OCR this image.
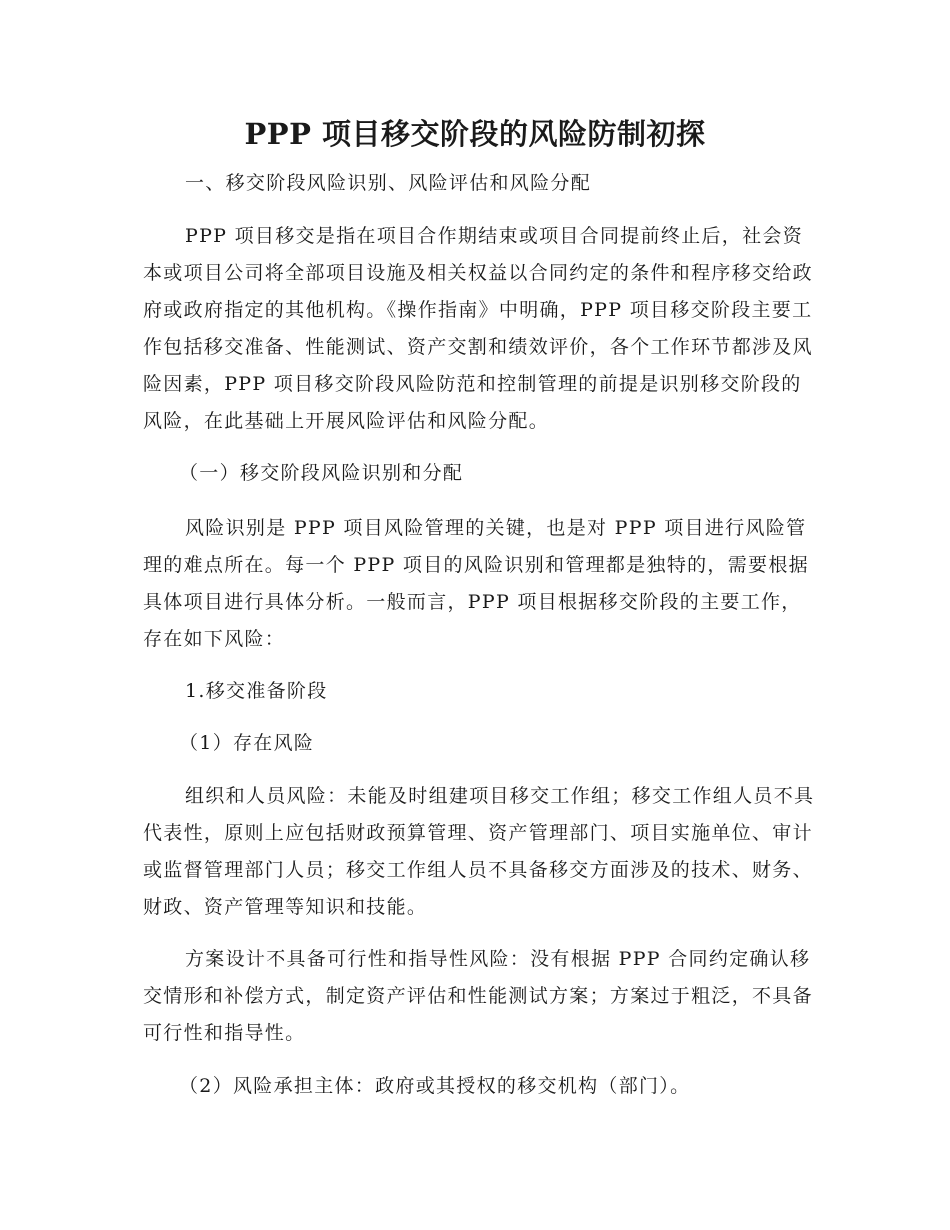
PPP 项目移交阶段的风险防制初探

一、移交阶段风险识别、风险评估和风险分配

PPP 项目移交是指在项目合作期结束或项目合同提前终止后，社会资本或项目公司将全部项目设施及相关权益以合同约定的条件和程序移交给政府或政府指定的其他机构。《操作指南》中明确，PPP 项目移交阶段主要工作包括移交准备、性能测试、资产交割和绩效评价，各个工作环节都涉及风险因素，PPP 项目移交阶段风险防范和控制管理的前提是识别移交阶段的风险，在此基础上开展风险评估和风险分配。

（一）移交阶段风险识别和分配

风险识别是 PPP 项目风险管理的关键，也是对 PPP 项目进行风险管理的难点所在。每一个 PPP 项目的风险识别和管理都是独特的，需要根据具体项目进行具体分析。一般而言，PPP 项目根据移交阶段的主要工作，存在如下风险：

1.移交准备阶段

（1）存在风险

组织和人员风险：未能及时组建项目移交工作组；移交工作组人员不具代表性，原则上应包括财政预算管理、资产管理部门、项目实施单位、审计或监督管理部门人员；移交工作组人员不具备移交方面涉及的技术、财务、财政、资产管理等知识和技能。

方案设计不具备可行性和指导性风险：没有根据 PPP 合同约定确认移交情形和补偿方式，制定资产评估和性能测试方案；方案过于粗泛，不具备可行性和指导性。

（2）风险承担主体：政府或其授权的移交机构（部门）。
